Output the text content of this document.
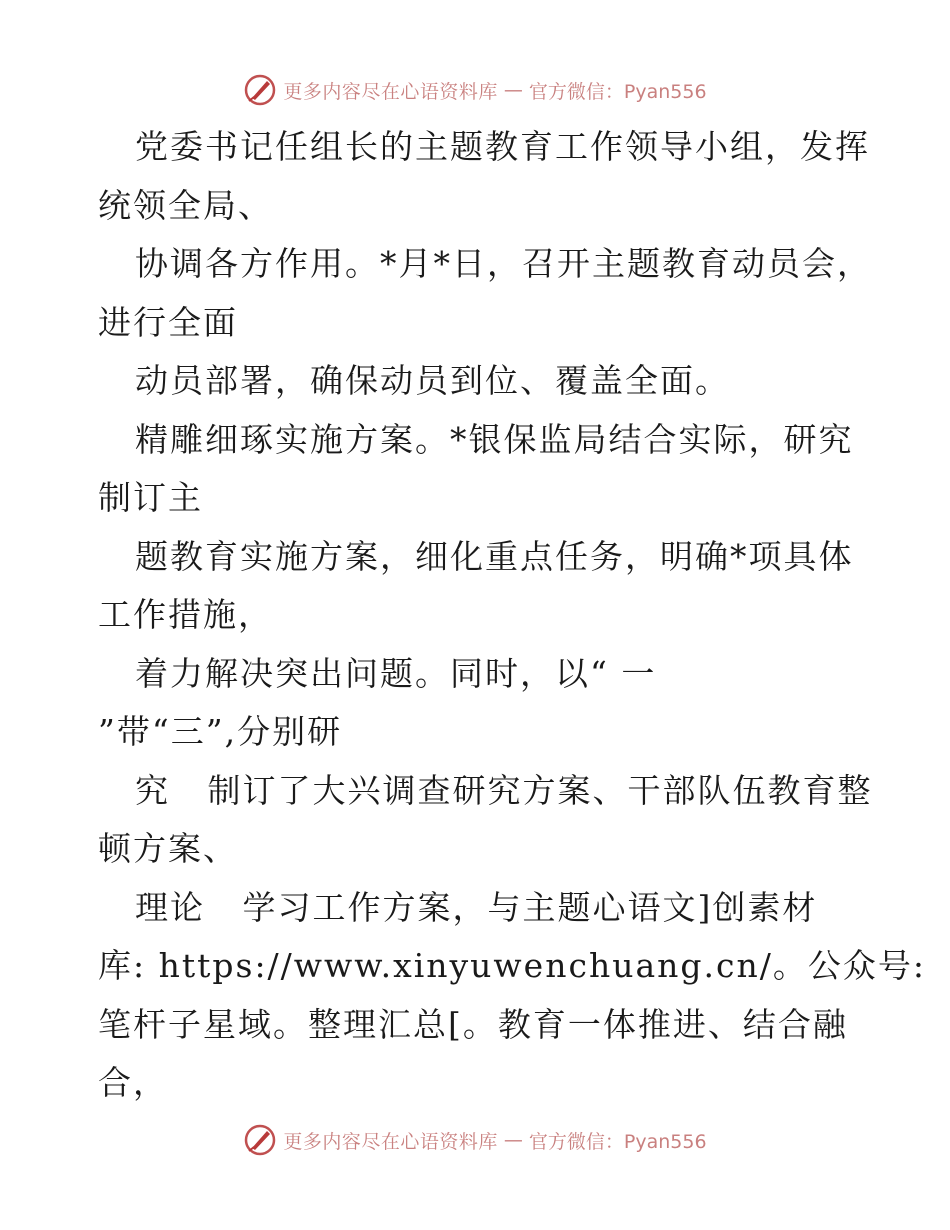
更多内容尽在心语资料库 — 官方微信：Pyan556
党委书记任组长的主题教育工作领导小组，发挥
统领全局、
协调各方作用。*月*日，召开主题教育动员会，
进行全面
动员部署，确保动员到位、覆盖全面。
精雕细琢实施方案。*银保监局结合实际，研究
制订主
题教育实施方案，细化重点任务，明确*项具体
工作措施，
着力解决突出问题。同时，以“ 一
”带“三”,分别研
究   制订了大兴调查研究方案、干部队伍教育整
顿方案、
理论   学习工作方案，与主题心语文]创素材
库: https://www.xinyuwenchuang.cn/。公众号:
笔杆子星域。整理汇总[。教育一体推进、结合融
合，
更多内容尽在心语资料库 — 官方微信：Pyan556
